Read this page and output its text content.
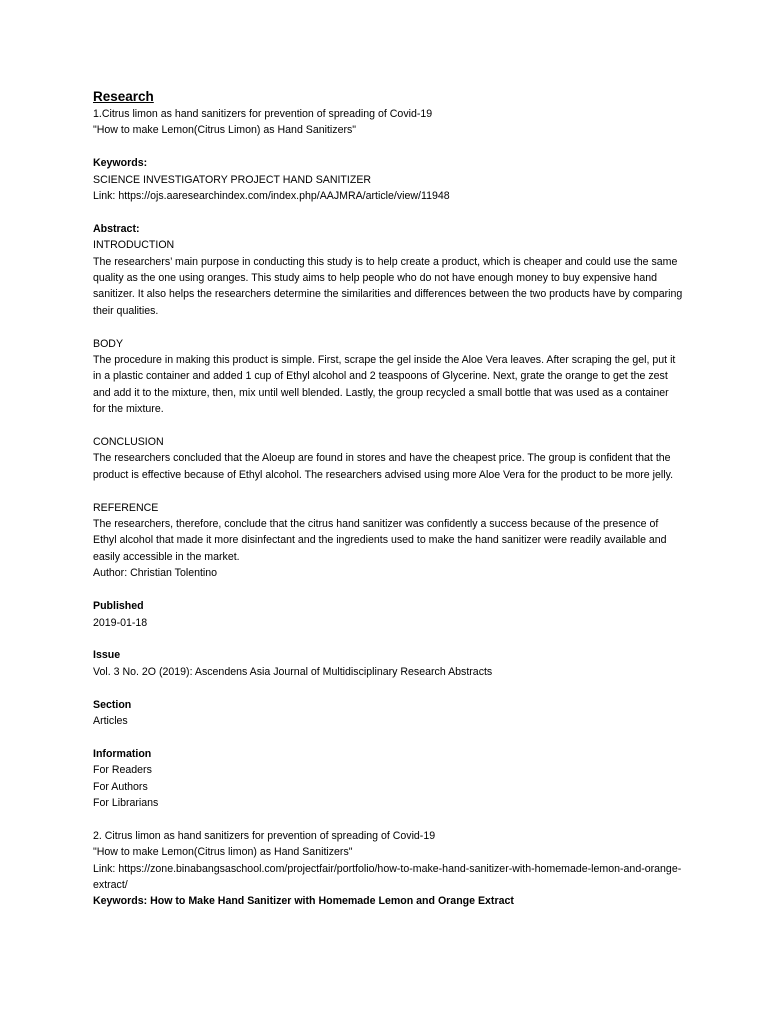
Research
1.Citrus limon as hand sanitizers for prevention of spreading of Covid-19
"How to make Lemon(Citrus Limon) as Hand Sanitizers"
Keywords:
SCIENCE INVESTIGATORY PROJECT HAND SANITIZER
Link: https://ojs.aaresearchindex.com/index.php/AAJMRA/article/view/11948
Abstract:
INTRODUCTION
The researchers’ main purpose in conducting this study is to help create a product, which is cheaper and could use the same quality as the one using oranges. This study aims to help people who do not have enough money to buy expensive hand sanitizer. It also helps the researchers determine the similarities and differences between the two products have by comparing their qualities.
BODY
The procedure in making this product is simple. First, scrape the gel inside the Aloe Vera leaves. After scraping the gel, put it in a plastic container and added 1 cup of Ethyl alcohol and 2 teaspoons of Glycerine. Next, grate the orange to get the zest and add it to the mixture, then, mix until well blended. Lastly, the group recycled a small bottle that was used as a container for the mixture.
CONCLUSION
The researchers concluded that the Aloeup are found in stores and have the cheapest price. The group is confident that the product is effective because of Ethyl alcohol. The researchers advised using more Aloe Vera for the product to be more jelly.
REFERENCE
The researchers, therefore, conclude that the citrus hand sanitizer was confidently a success because of the presence of Ethyl alcohol that made it more disinfectant and the ingredients used to make the hand sanitizer were readily available and easily accessible in the market.
Author: Christian Tolentino
Published
2019-01-18
Issue
Vol. 3 No. 2O (2019): Ascendens Asia Journal of Multidisciplinary Research Abstracts
Section
Articles
Information
For Readers
For Authors
For Librarians
2. Citrus limon as hand sanitizers for prevention of spreading of Covid-19
"How to make Lemon(Citrus limon) as Hand Sanitizers"
Link: https://zone.binabangsaschool.com/projectfair/portfolio/how-to-make-hand-sanitizer-with-homemade-lemon-and-orange-extract/
Keywords: How to Make Hand Sanitizer with Homemade Lemon and Orange Extract
